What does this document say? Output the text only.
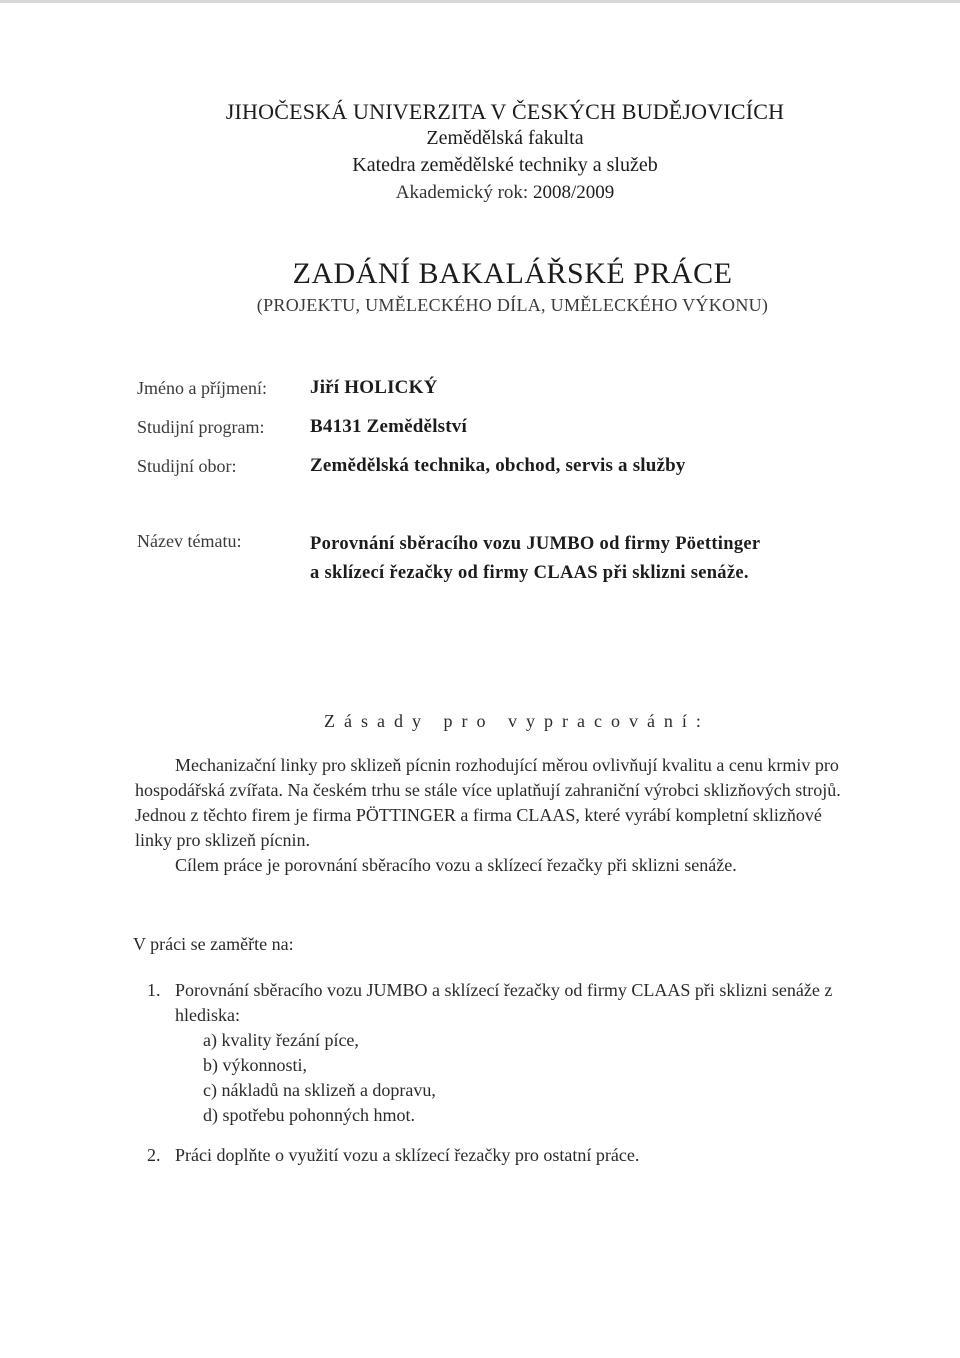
JIHOČESKÁ UNIVERZITA V ČESKÝCH BUDĚJOVICÍCH
Zemědělská fakulta
Katedra zemědělské techniky a služeb
Akademický rok: 2008/2009
ZADÁNÍ BAKALÁŘSKÉ PRÁCE
(PROJEKTU, UMĚLECKÉHO DÍLA, UMĚLECKÉHO VÝKONU)
Jméno a příjmení: Jiří HOLICKÝ
Studijní program: B4131 Zemědělství
Studijní obor:	Zemědělská technika, obchod, servis a služby
Název tématu:	Porovnání sběracího vozu JUMBO od firmy Pöettinger
a sklízecí řezačky od firmy CLAAS při sklizni senáže.
Zásady pro vypracování:

Mechanizační linky pro sklizeň pícnin rozhodující měrou ovlivňují kvalitu a cenu krmiv pro hospodářská zvířata. Na českém trhu se stále více uplatňují zahraniční výrobci sklizňových strojů. Jednou z těchto firem je firma PÖTTINGER a firma CLAAS, které vyrábí kompletní sklizňové linky pro sklizeň pícnin.

Cílem práce je porovnání sběracího vozu a sklízecí řezačky při sklizni senáže.

V práci se zaměřte na:
1. Porovnání sběracího vozu JUMBO a sklízecí řezačky od firmy CLAAS při sklizni senáže z hlediska:
a) kvality řezání píce,
b) výkonnosti,
c) nákladů na sklizeň a dopravu,
d) spotřebu pohonných hmot.
2. Práci doplňte o využití vozu a sklízecí řezačky pro ostatní práce.
